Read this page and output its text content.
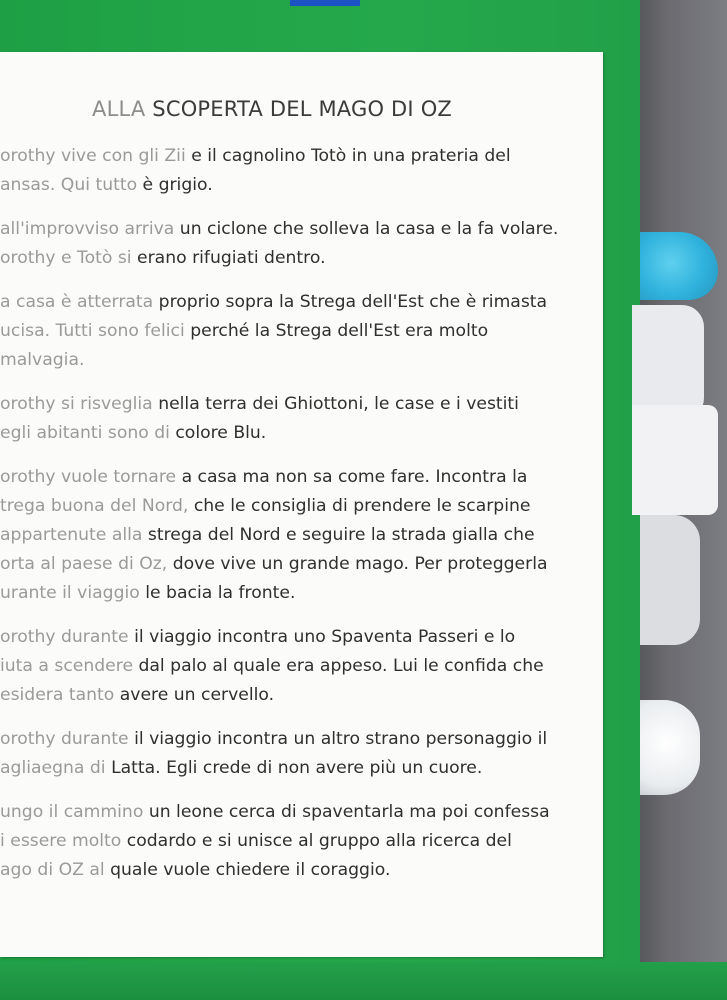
ALLA SCOPERTA DEL MAGO DI OZ
orothy vive con gli Zii e il cagnolino Totò in una prateria del
ansas. Qui tutto è grigio.
all'improvviso arriva un ciclone che solleva la casa e la fa volare.
orothy e Totò si erano rifugiati dentro.
a casa è atterrata proprio sopra la Strega dell'Est che è rimasta
ucisa. Tutti sono felici perché la Strega dell'Est era molto
malvagia.
orothy si risveglia nella terra dei Ghiottoni, le case e i vestiti
egli abitanti sono di colore Blu.
orothy vuole tornare a casa ma non sa come fare. Incontra la
trega buona del Nord, che le consiglia di prendere le scarpine
appartenute alla strega del Nord e seguire la strada gialla che
orta al paese di Oz, dove vive un grande mago. Per proteggerla
urante il viaggio le bacia la fronte.
orothy durante il viaggio incontra uno Spaventa Passeri e lo
iuta a scendere dal palo al quale era appeso. Lui le confida che
esidera tanto avere un cervello.
orothy durante il viaggio incontra un altro strano personaggio il
agliaegna di Latta. Egli crede di non avere più un cuore.
ungo il cammino un leone cerca di spaventarla ma poi confessa
i essere molto codardo e si unisce al gruppo alla ricerca del
ago di OZ al quale vuole chiedere il coraggio.
